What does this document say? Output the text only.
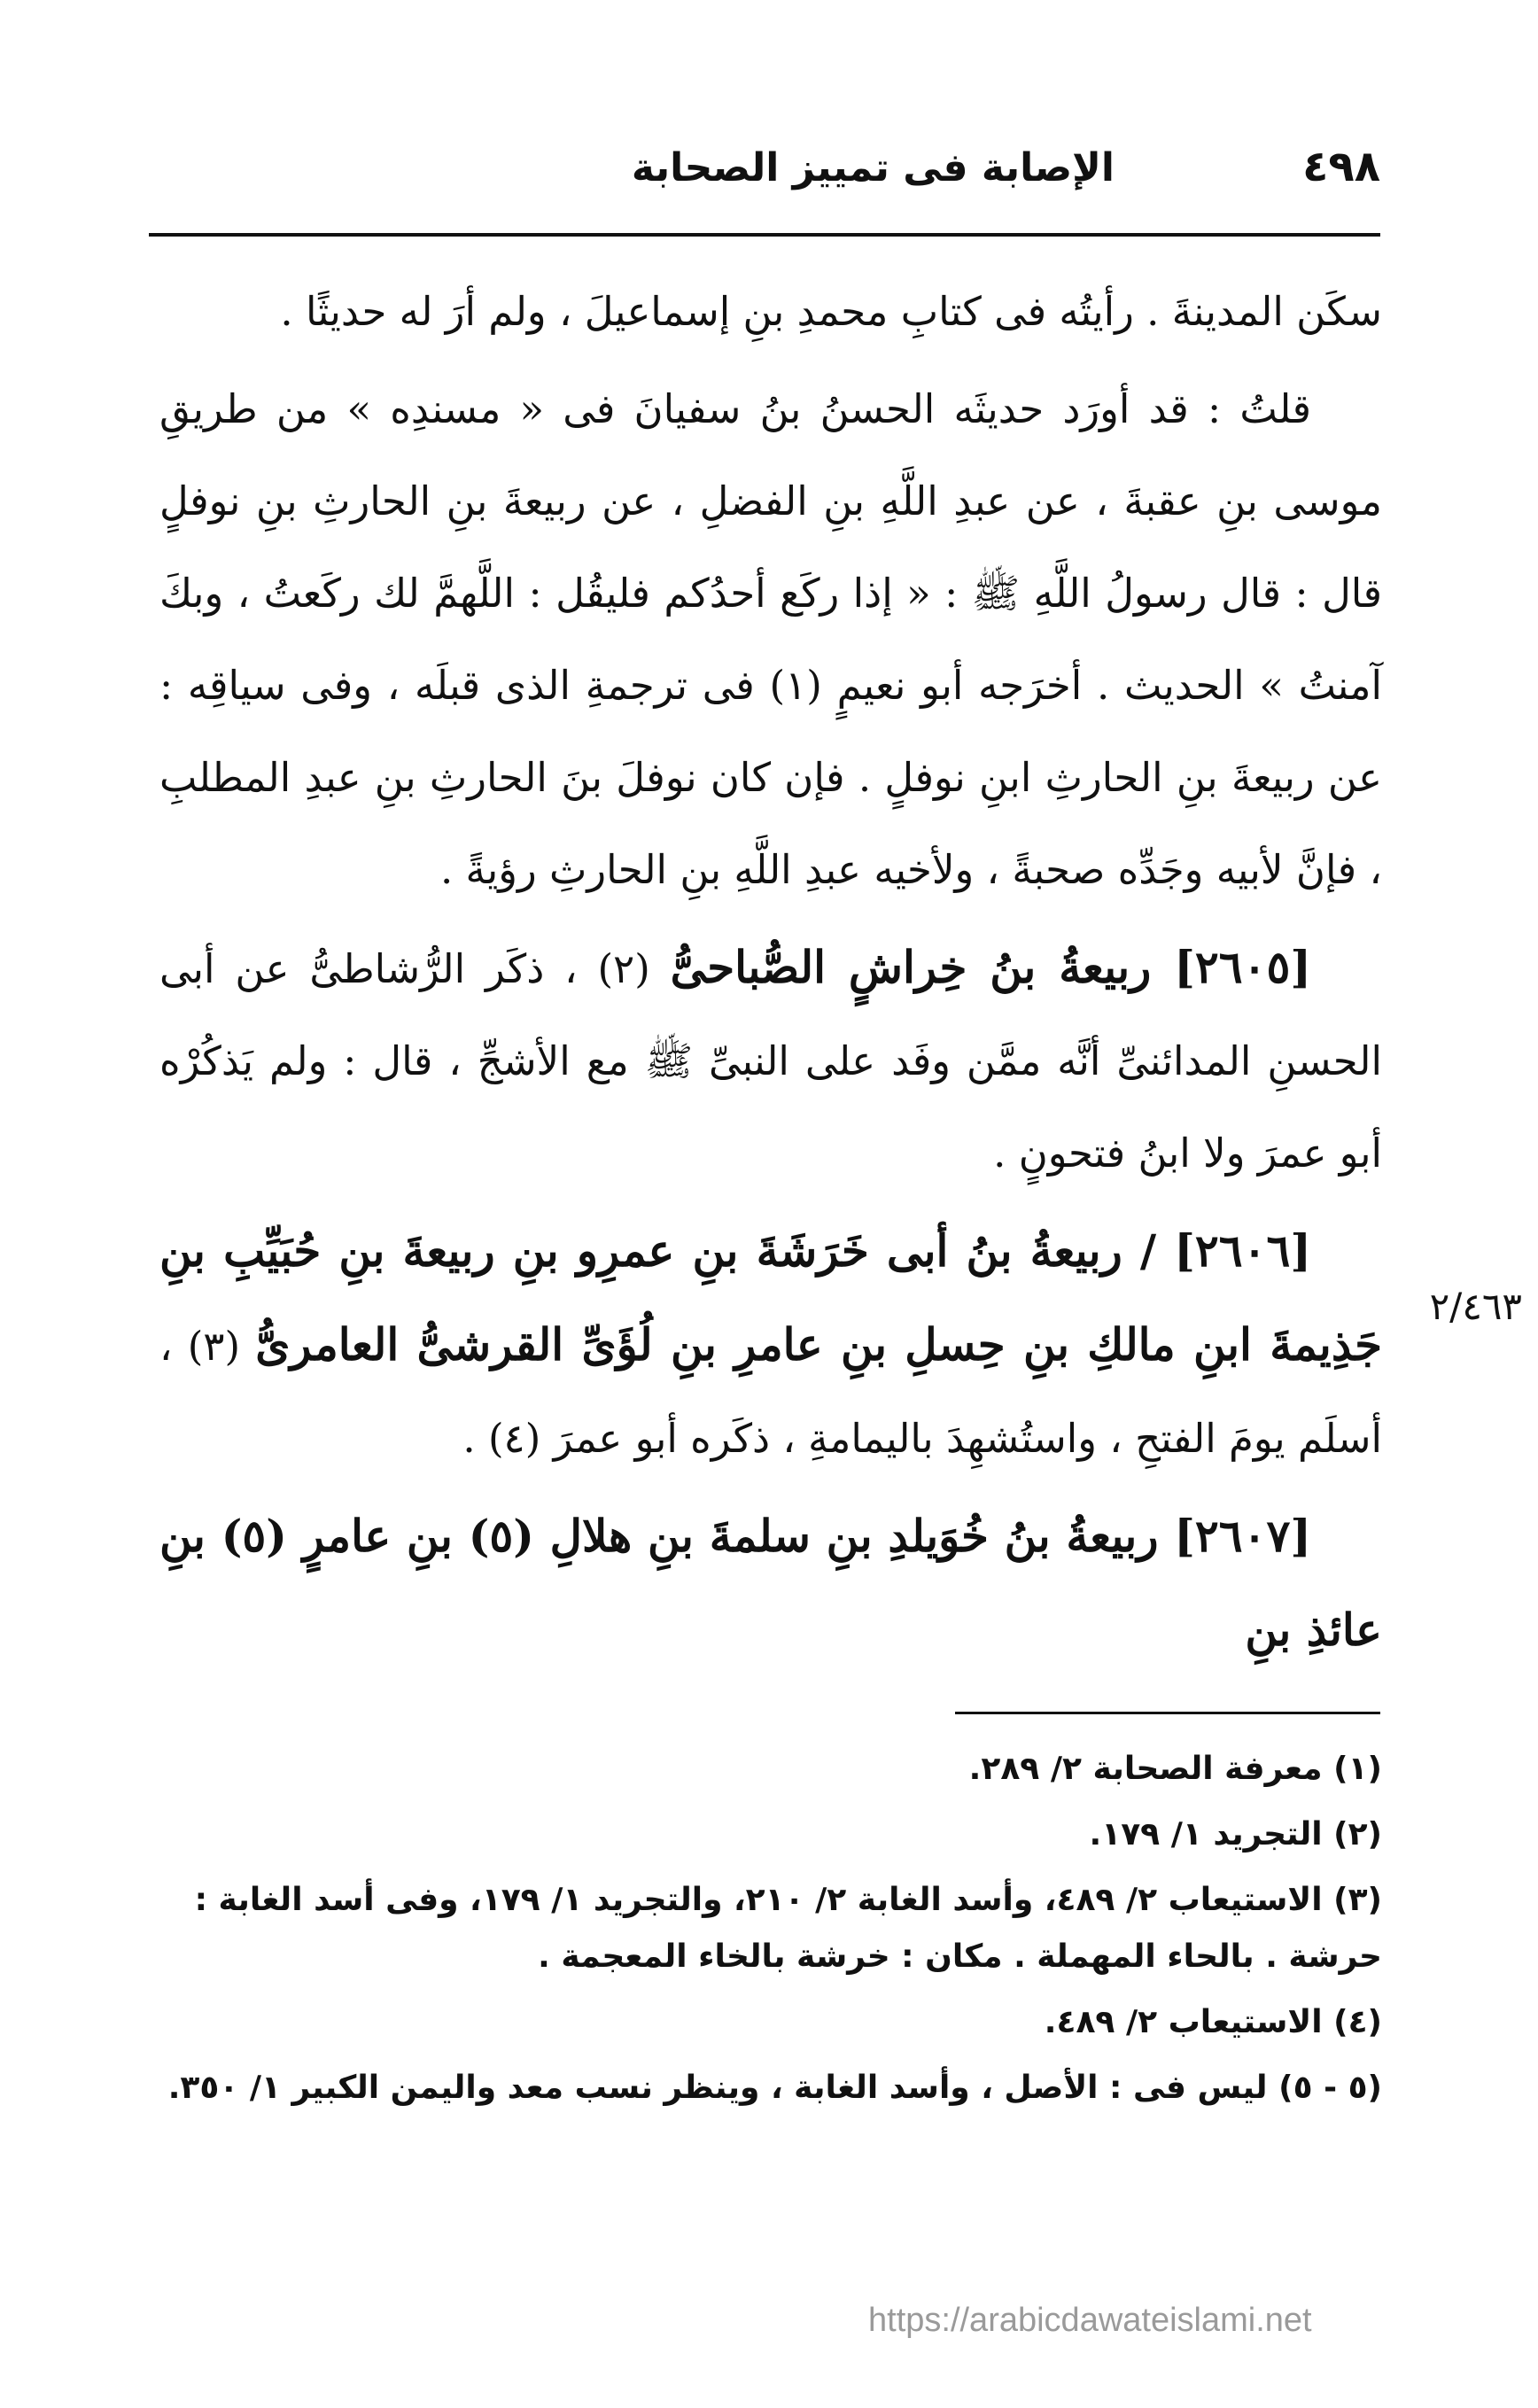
٤٩٨
الإصابة فى تمييز الصحابة
٢/٤٦٣

سكَن المدينةَ . رأيتُه فى كتابِ محمدِ بنِ إسماعيلَ ، ولم أرَ له حديثًا .

قلتُ : قد أورَد حديثَه الحسنُ بنُ سفيانَ فى « مسندِه » من طريقِ موسى بنِ عقبةَ ، عن عبدِ اللَّهِ بنِ الفضلِ ، عن ربيعةَ بنِ الحارثِ بنِ نوفلٍ قال : قال رسولُ اللَّهِ ﷺ : « إذا ركَع أحدُكم فليقُل : اللَّهمَّ لك ركَعتُ ، وبكَ آمنتُ » الحديث . أخرَجه أبو نعيمٍ (١) فى ترجمةِ الذى قبلَه ، وفى سياقِه : عن ربيعةَ بنِ الحارثِ ابنِ نوفلٍ . فإن كان نوفلَ بنَ الحارثِ بنِ عبدِ المطلبِ ، فإنَّ لأبيه وجَدِّه صحبةً ، ولأخيه عبدِ اللَّهِ بنِ الحارثِ رؤيةً .

[٢٦٠٥] ربيعةُ بنُ خِراشٍ الصُّباحىُّ (٢) ، ذكَر الرُّشاطىُّ عن أبى الحسنِ المدائنىِّ أنَّه ممَّن وفَد على النبىِّ ﷺ مع الأشجِّ ، قال : ولم يَذكُرْه أبو عمرَ ولا ابنُ فتحونٍ .

[٢٦٠٦] / ربيعةُ بنُ أبى خَرَشَةَ بنِ عمرِو بنِ ربيعةَ بنِ حُبَيِّبِ بنِ جَذِيمةَ ابنِ مالكِ بنِ حِسلِ بنِ عامرِ بنِ لُؤَىِّ القرشىُّ العامرىُّ (٣) ، أسلَم يومَ الفتحِ ، واستُشهِدَ باليمامةِ ، ذكَره أبو عمرَ (٤) .

[٢٦٠٧] ربيعةُ بنُ خُوَيلدِ بنِ سلمةَ بنِ هلالِ (٥) بنِ عامرٍ (٥) بنِ عائذِ بنِ

(١) معرفة الصحابة ٢/ ٢٨٩.

(٢) التجريد ١/ ١٧٩.

(٣) الاستيعاب ٢/ ٤٨٩، وأسد الغابة ٢/ ٢١٠، والتجريد ١/ ١٧٩، وفى أسد الغابة : حرشة . بالحاء المهملة . مكان : خرشة بالخاء المعجمة .

(٤) الاستيعاب ٢/ ٤٨٩.

(٥ - ٥) ليس فى : الأصل ، وأسد الغابة ، وينظر نسب معد واليمن الكبير ١/ ٣٥٠.

https://arabicdawateislami.net
